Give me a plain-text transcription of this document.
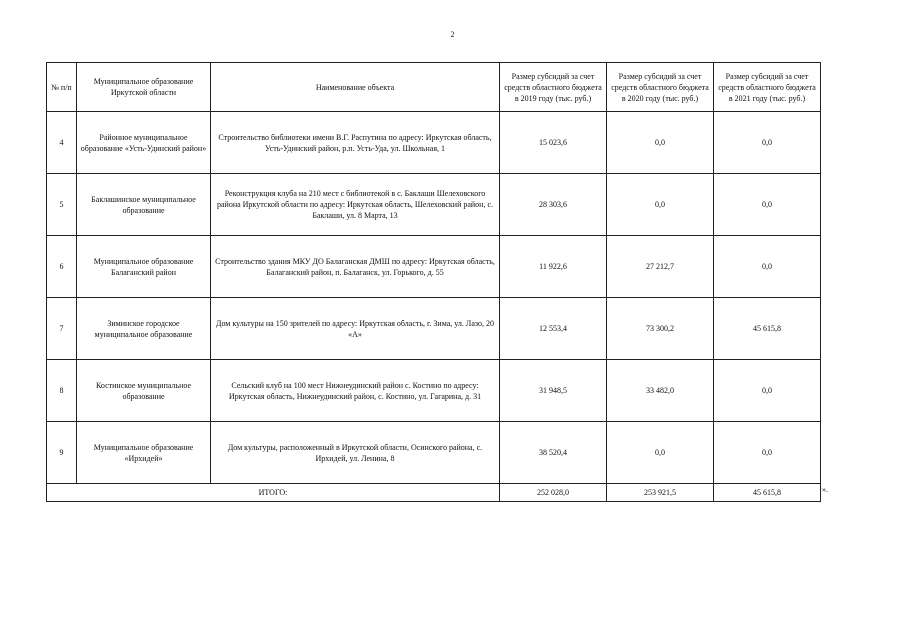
2
№ п/п	Муниципальное образование Иркутской области	Наименование объекта	Размер субсидий за счет средств областного бюджета в 2019 году (тыс. руб.)	Размер субсидий за счет средств областного бюджета в 2020 году (тыс. руб.)	Размер субсидий за счет средств областного бюджета в 2021 году (тыс. руб.)
4	Районное муниципальное образование «Усть-Удинский район»	Строительство библиотеки имени В.Г. Распутина по адресу: Иркутская область, Усть-Удинский район, р.п. Усть-Уда, ул. Школьная, 1	15 023,6	0,0	0,0
5	Баклашинское муниципальное образование	Реконструкция клуба на 210 мест с библиотекой в с. Баклаши Шелеховского района Иркутской области по адресу: Иркутская область, Шелеховский район, с. Баклаши, ул. 8 Марта, 13	28 303,6	0,0	0,0
6	Муниципальное образование Балаганский район	Строительство здания МКУ ДО Балаганская ДМШ по адресу: Иркутская область, Балаганский район, п. Балаганск, ул. Горького, д. 55	11 922,6	27 212,7	0,0
7	Зиминское городское муниципальное образование	Дом культуры на 150 зрителей по адресу: Иркутская область, г. Зима, ул. Лазо, 20 «А»	12 553,4	73 300,2	45 615,8
8	Костинское муниципальное образование	Сельский клуб на 100 мест Нижнеудинский район с. Костино по адресу: Иркутская область, Нижнеудинский район, с. Костино, ул. Гагарина, д. 31	31 948,5	33 482,0	0,0
9	Муниципальное образование «Ирхидей»	Дом культуры, расположенный в Иркутской области, Осинского района, с. Ирхидей, ул. Ленина, 8	38 520,4	0,0	0,0
ИТОГО:			252 028,0	253 921,5	45 615,8	».
